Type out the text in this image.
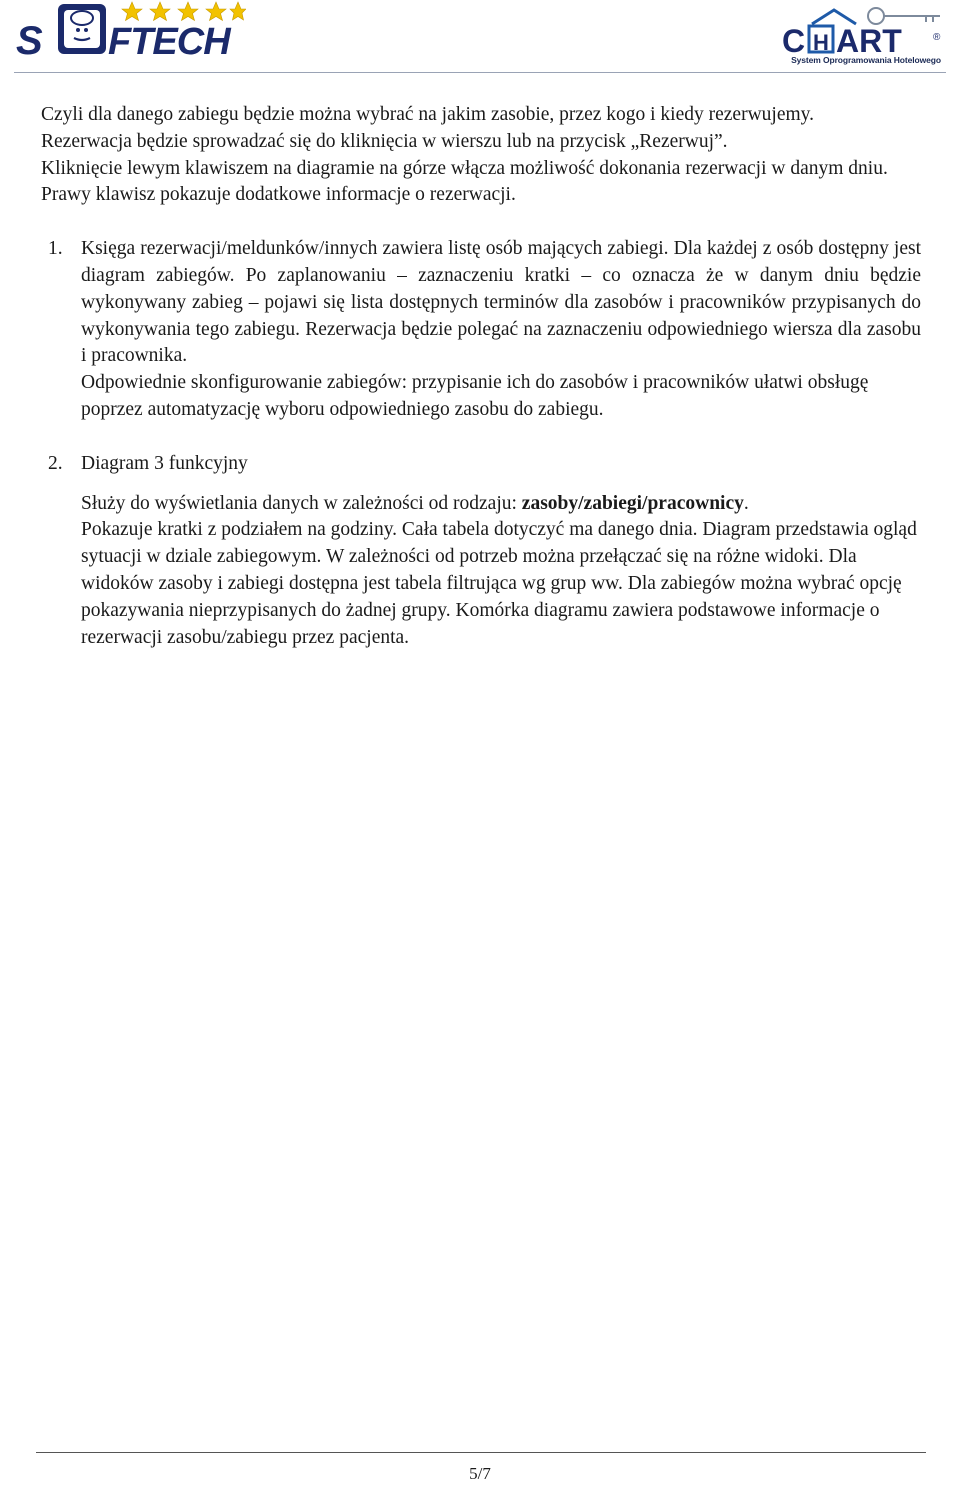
S FTECH	C H ART	®
System Oprogramowania Hotelowego

Czyli dla danego zabiegu będzie można wybrać na jakim zasobie, przez kogo i kiedy rezerwujemy.

Rezerwacja będzie sprowadzać się do kliknięcia w wierszu lub na przycisk „Rezerwuj”.

Kliknięcie lewym klawiszem na diagramie na górze włącza możliwość dokonania rezerwacji w danym dniu. Prawy klawisz pokazuje dodatkowe informacje o rezerwacji.

1. Księga rezerwacji/meldunków/innych zawiera listę osób mających zabiegi. Dla każdej z osób dostępny jest diagram zabiegów. Po zaplanowaniu – zaznaczeniu kratki – co oznacza że w danym dniu będzie wykonywany zabieg – pojawi się lista dostępnych terminów dla zasobów i pracowników przypisanych do wykonywania tego zabiegu. Rezerwacja będzie polegać na zaznaczeniu odpowiedniego wiersza dla zasobu i pracownika.

Odpowiednie skonfigurowanie zabiegów: przypisanie ich do zasobów i pracowników ułatwi obsługę poprzez automatyzację wyboru odpowiedniego zasobu do zabiegu.

2. Diagram 3 funkcyjny

Służy do wyświetlania danych w zależności od rodzaju: zasoby/zabiegi/pracownicy.

Pokazuje kratki z podziałem na godziny. Cała tabela dotyczyć ma danego dnia. Diagram przedstawia ogląd sytuacji w dziale zabiegowym. W zależności od potrzeb można przełączać się na różne widoki. Dla widoków zasoby i zabiegi dostępna jest tabela filtrująca wg grup ww. Dla zabiegów można wybrać opcję pokazywania nieprzypisanych do żadnej grupy. Komórka diagramu zawiera podstawowe informacje o rezerwacji zasobu/zabiegu przez pacjenta.

5/7
